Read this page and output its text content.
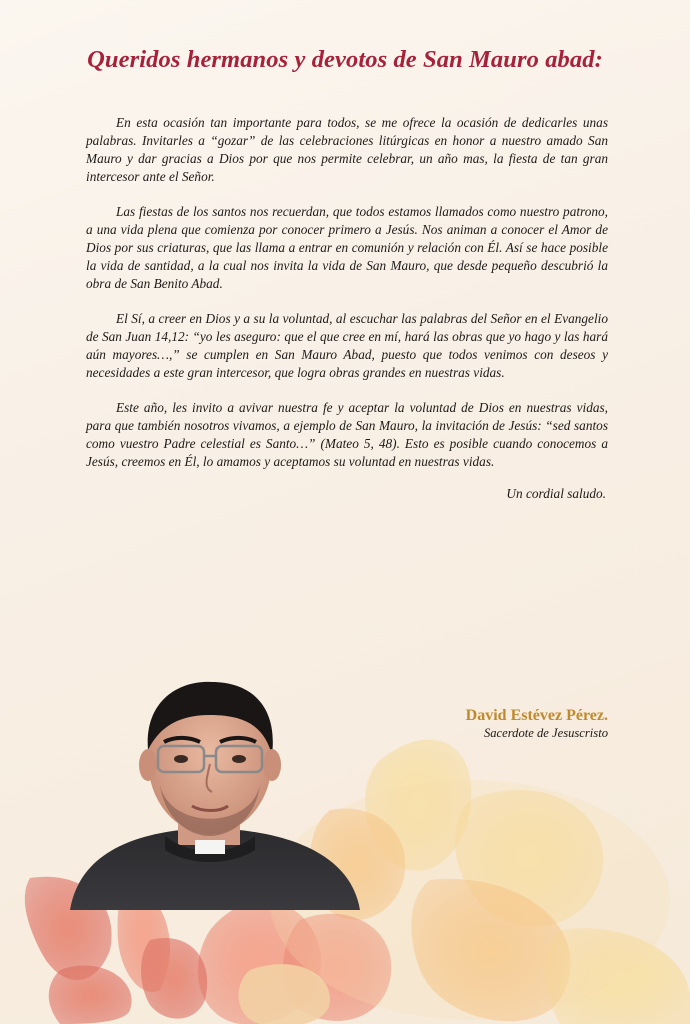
Queridos hermanos y devotos de San Mauro abad:

En esta ocasión tan importante para todos, se me ofrece la ocasión de dedicarles unas palabras. Invitarles a “gozar” de las celebraciones litúrgicas en honor a nuestro amado San Mauro y dar gracias a Dios por que nos permite celebrar, un año mas, la fiesta de tan gran intercesor ante el Señor.

Las fiestas de los santos nos recuerdan, que todos estamos llamados como nuestro patrono, a una vida plena que comienza por conocer primero a Jesús. Nos animan a conocer el Amor de Dios por sus criaturas, que las llama a entrar en comunión y relación con Él. Así se hace posible la vida de santidad, a la cual nos invita la vida de San Mauro, que desde pequeño descubrió la obra de San Benito Abad.

El Sí, a creer en Dios y a su la voluntad, al escuchar las palabras del Señor en el Evangelio de San Juan 14,12: “yo les aseguro: que el que cree en mí, hará las obras que yo hago y las hará aún mayores…,” se cumplen en San Mauro Abad, puesto que todos venimos con deseos y necesidades a este gran intercesor, que logra obras grandes en nuestras vidas.

Este año, les invito a avivar nuestra fe y aceptar la voluntad de Dios en nuestras vidas, para que también nosotros vivamos, a ejemplo de San Mauro, la invitación de Jesús: “sed santos como vuestro Padre celestial es Santo…” (Mateo 5, 48). Esto es posible cuando conocemos a Jesús, creemos en Él, lo amamos y aceptamos su voluntad en nuestras vidas.

Un cordial saludo.
David Estévez Pérez.
Sacerdote de Jesuscristo
